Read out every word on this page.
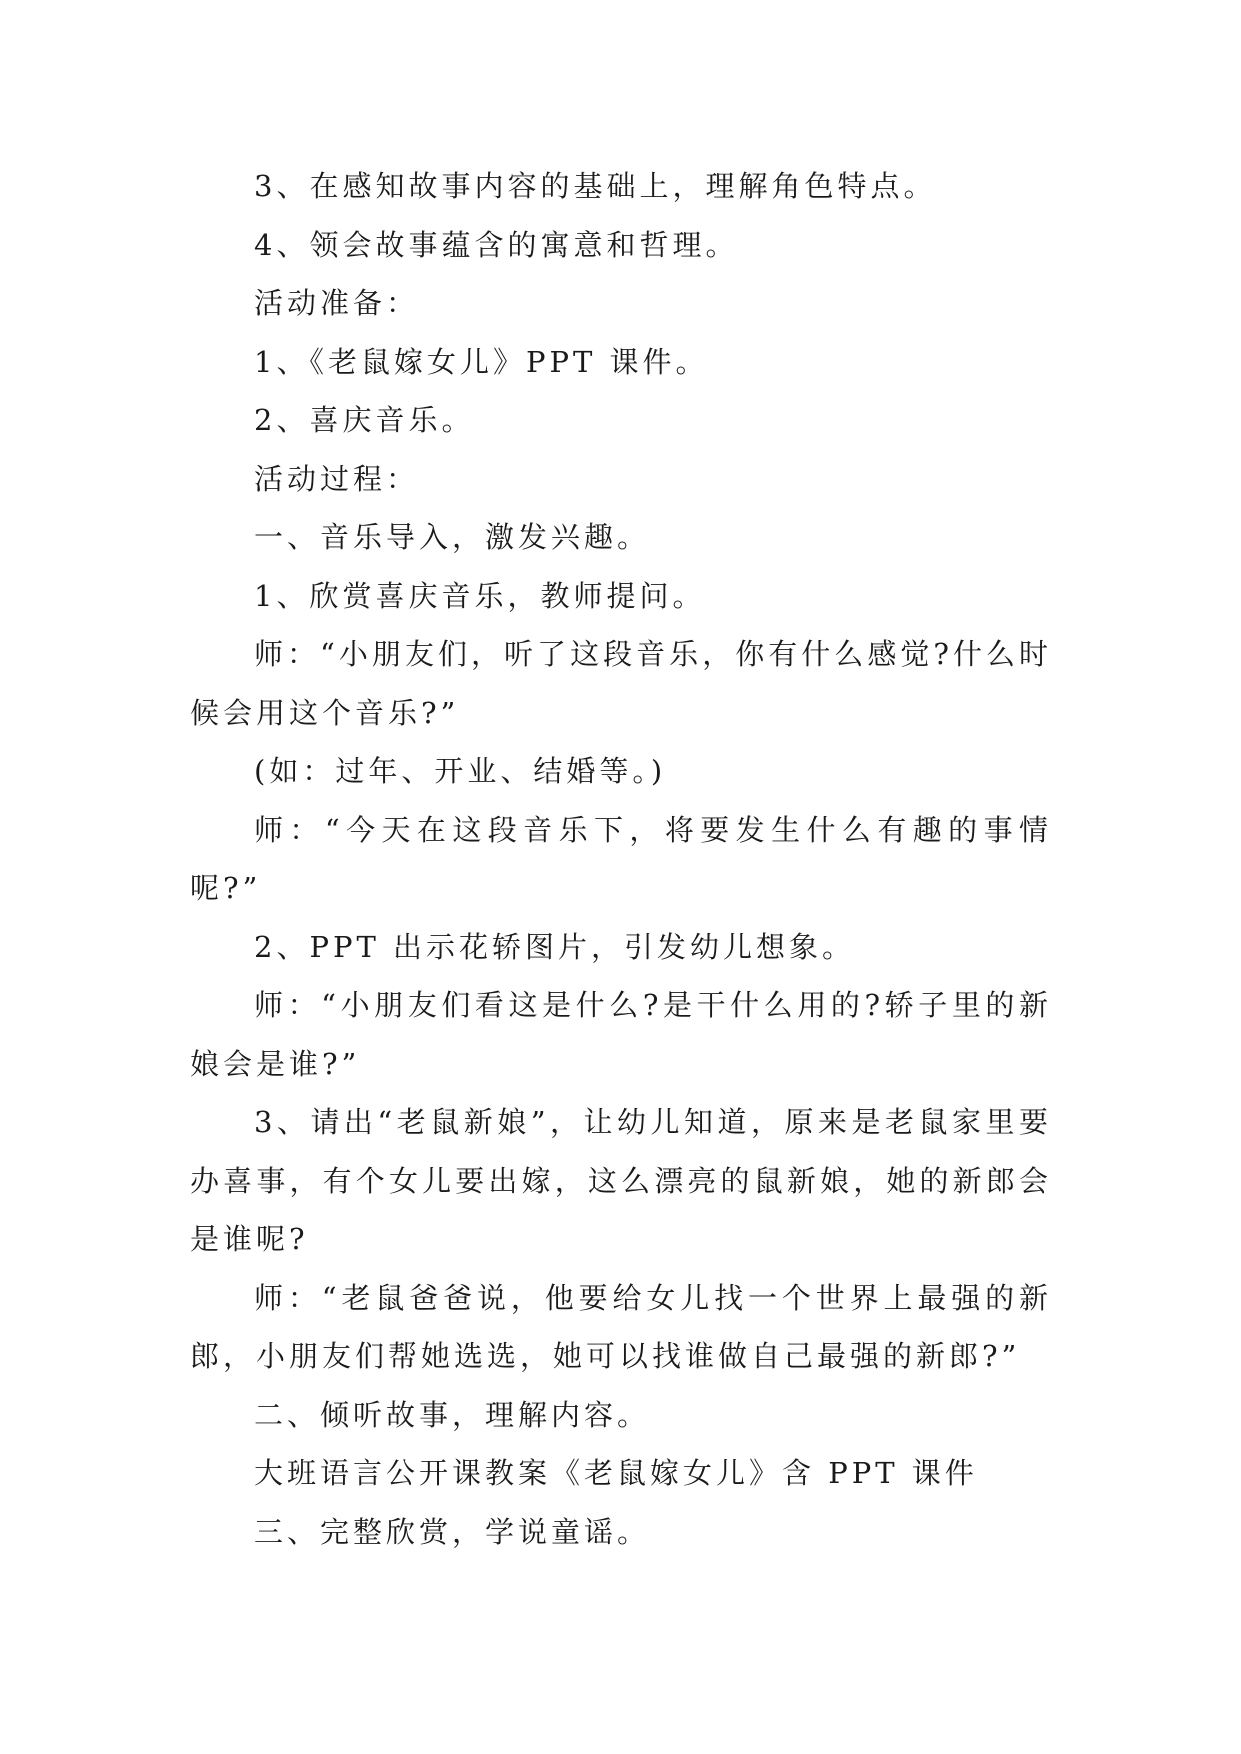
3、在感知故事内容的基础上，理解角色特点。

4、领会故事蕴含的寓意和哲理。

活动准备：

1、《老鼠嫁女儿》PPT 课件。

2、喜庆音乐。

活动过程：

一、音乐导入，激发兴趣。

1、欣赏喜庆音乐，教师提问。

师：“小朋友们，听了这段音乐，你有什么感觉?什么时候会用这个音乐?”

(如：过年、开业、结婚等。)

师：“今天在这段音乐下，将要发生什么有趣的事情呢?”

2、PPT 出示花轿图片，引发幼儿想象。

师：“小朋友们看这是什么?是干什么用的?轿子里的新娘会是谁?”

3、请出“老鼠新娘”，让幼儿知道，原来是老鼠家里要办喜事，有个女儿要出嫁，这么漂亮的鼠新娘，她的新郎会是谁呢?

师：“老鼠爸爸说，他要给女儿找一个世界上最强的新郎，小朋友们帮她选选，她可以找谁做自己最强的新郎?”

二、倾听故事，理解内容。

大班语言公开课教案《老鼠嫁女儿》含 PPT 课件

三、完整欣赏，学说童谣。
